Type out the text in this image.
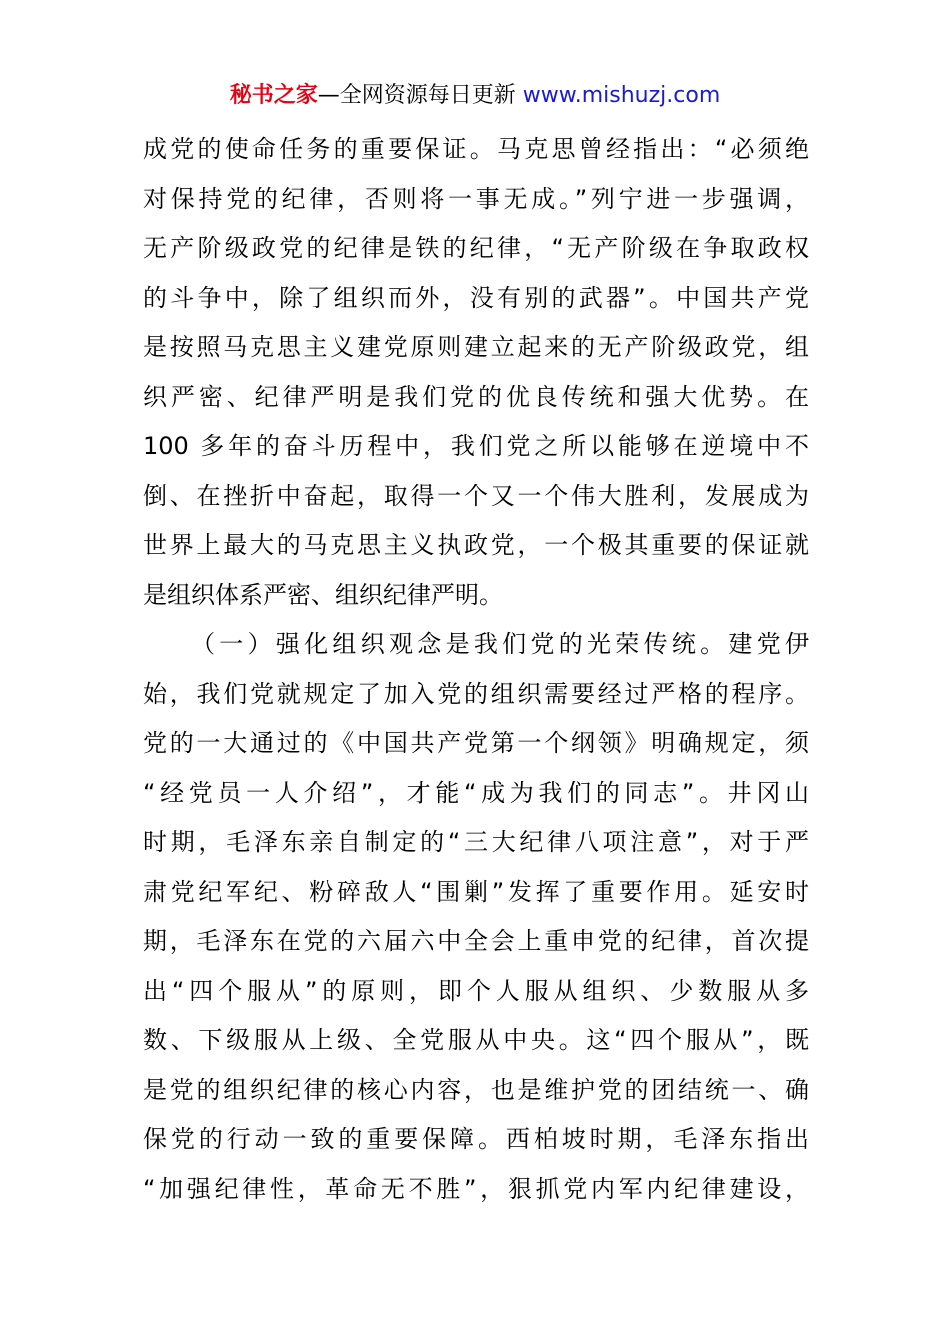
秘书之家—全网资源每日更新 www.mishuzj.com
成党的使命任务的重要保证。马克思曾经指出：“必须绝
对保持党的纪律，否则将一事无成。”列宁进一步强调，
无产阶级政党的纪律是铁的纪律，“无产阶级在争取政权
的斗争中，除了组织而外，没有别的武器”。中国共产党
是按照马克思主义建党原则建立起来的无产阶级政党，组
织严密、纪律严明是我们党的优良传统和强大优势。在
100 多年的奋斗历程中，我们党之所以能够在逆境中不
倒、在挫折中奋起，取得一个又一个伟大胜利，发展成为
世界上最大的马克思主义执政党，一个极其重要的保证就
是组织体系严密、组织纪律严明。
（一）强化组织观念是我们党的光荣传统。建党伊
始，我们党就规定了加入党的组织需要经过严格的程序。
党的一大通过的《中国共产党第一个纲领》明确规定，须
“经党员一人介绍”，才能“成为我们的同志”。井冈山
时期，毛泽东亲自制定的“三大纪律八项注意”，对于严
肃党纪军纪、粉碎敌人“围剿”发挥了重要作用。延安时
期，毛泽东在党的六届六中全会上重申党的纪律，首次提
出“四个服从”的原则，即个人服从组织、少数服从多
数、下级服从上级、全党服从中央。这“四个服从”，既
是党的组织纪律的核心内容，也是维护党的团结统一、确
保党的行动一致的重要保障。西柏坡时期，毛泽东指出
“加强纪律性，革命无不胜”，狠抓党内军内纪律建设，
